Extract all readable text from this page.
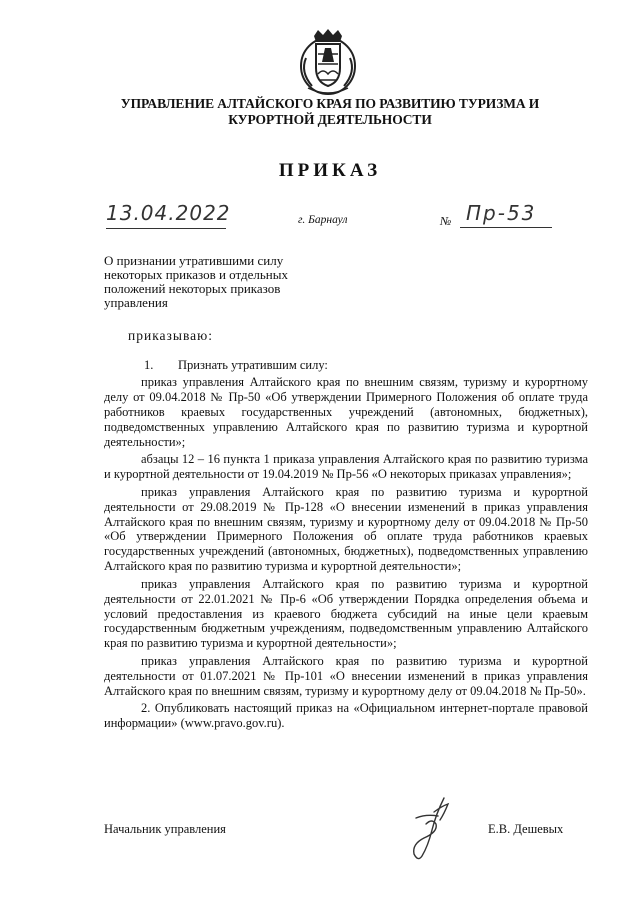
УПРАВЛЕНИЕ АЛТАЙСКОГО КРАЯ ПО РАЗВИТИЮ ТУРИЗМА И
КУРОРТНОЙ ДЕЯТЕЛЬНОСТИ
ПРИКАЗ
13.04.2022	г. Барнаул	№ Пр-53
О признании утратившими силу
некоторых приказов и отдельных
положений некоторых приказов
управления
приказываю:

1. Признать утратившим силу:

приказ управления Алтайского края по внешним связям, туризму и курортному делу от 09.04.2018 № Пр-50 «Об утверждении Примерного Положения об оплате труда работников краевых государственных учреждений (автономных, бюджетных), подведомственных управлению Алтайского края по развитию туризма и курортной деятельности»;

абзацы 12 – 16 пункта 1 приказа управления Алтайского края по развитию туризма и курортной деятельности от 19.04.2019 № Пр-56 «О некоторых приказах управления»;

приказ управления Алтайского края по развитию туризма и курортной деятельности от 29.08.2019 № Пр-128 «О внесении изменений в приказ управления Алтайского края по внешним связям, туризму и курортному делу от 09.04.2018 № Пр-50 «Об утверждении Примерного Положения об оплате труда работников краевых государственных учреждений (автономных, бюджетных), подведомственных управлению Алтайского края по развитию туризма и курортной деятельности»;

приказ управления Алтайского края по развитию туризма и курортной деятельности от 22.01.2021 № Пр-6 «Об утверждении Порядка определения объема и условий предоставления из краевого бюджета субсидий на иные цели краевым государственным бюджетным учреждениям, подведомственным управлению Алтайского края по развитию туризма и курортной деятельности»;

приказ управления Алтайского края по развитию туризма и курортной деятельности от 01.07.2021 № Пр-101 «О внесении изменений в приказ управления Алтайского края по внешним связям, туризму и курортному делу от 09.04.2018 № Пр-50».

2. Опубликовать настоящий приказ на «Официальном интернет-портале правовой информации» (www.pravo.gov.ru).

Начальник управления	Е.В. Дешевых
